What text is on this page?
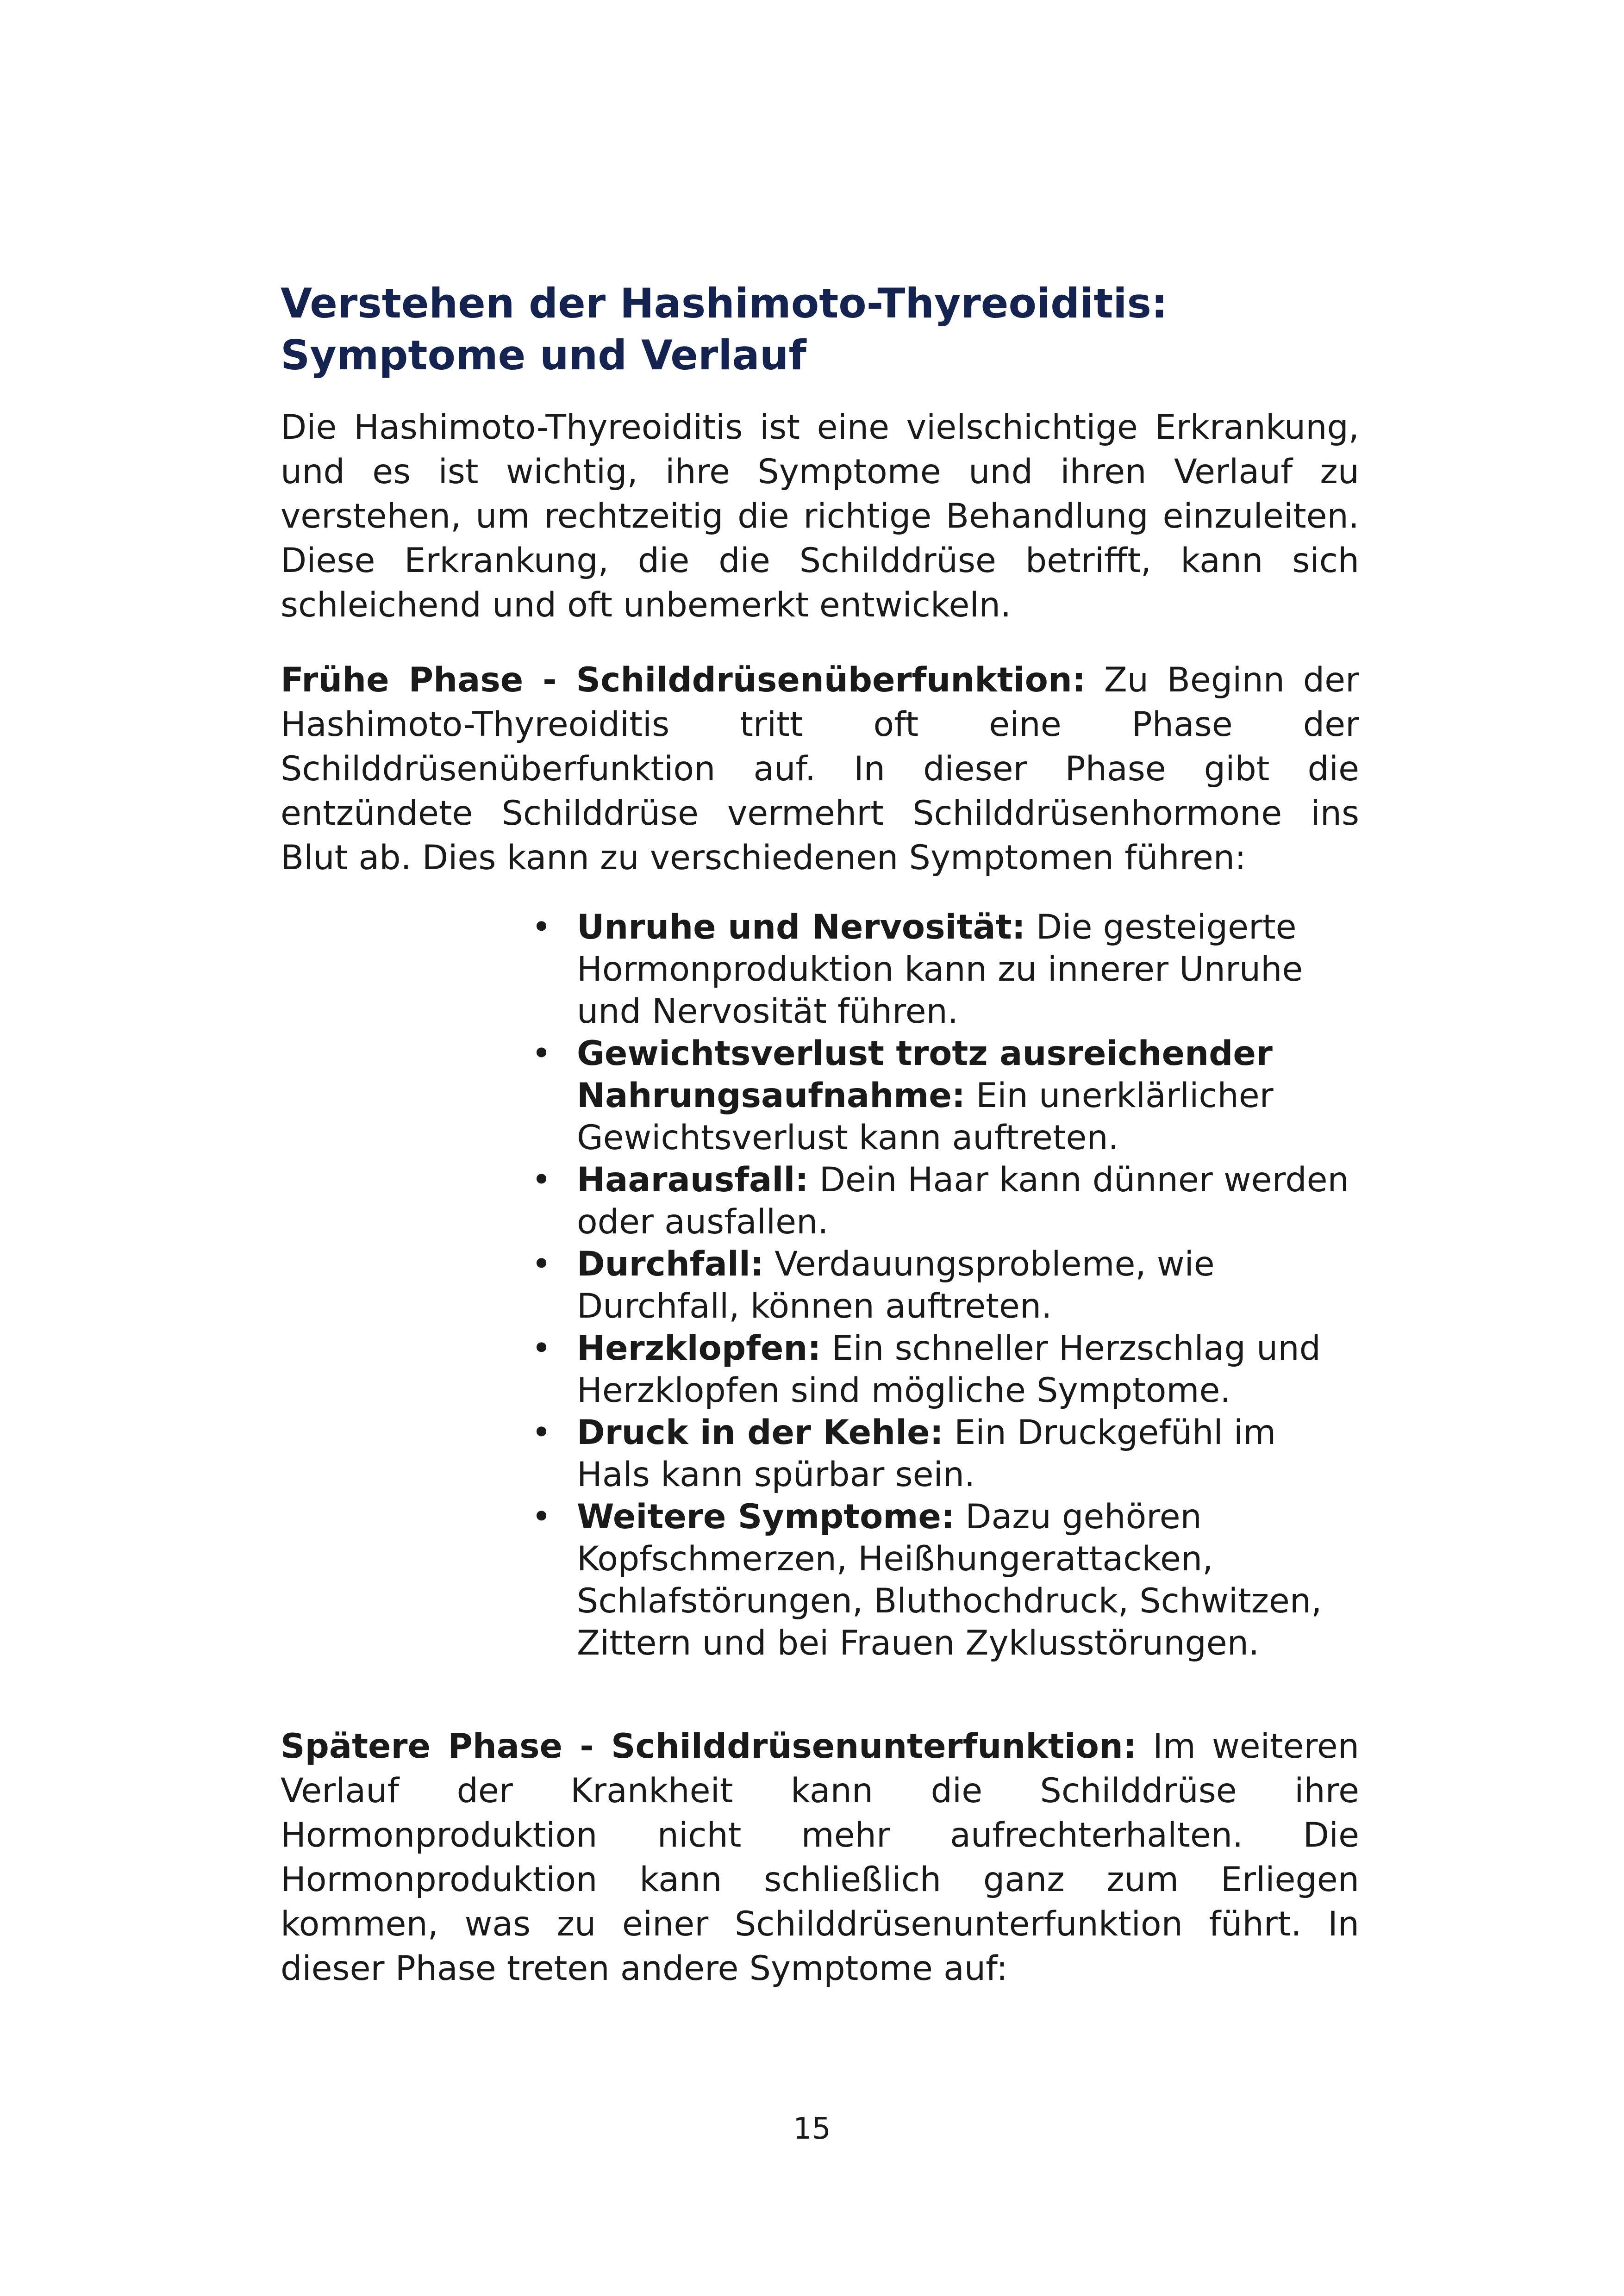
Verstehen der Hashimoto-Thyreoiditis: Symptome und Verlauf

Die Hashimoto-Thyreoiditis ist eine vielschichtige Erkrankung, und es ist wichtig, ihre Symptome und ihren Verlauf zu verstehen, um rechtzeitig die richtige Behandlung einzuleiten. Diese Erkrankung, die die Schilddrüse betrifft, kann sich schleichend und oft unbemerkt entwickeln.

Frühe Phase - Schilddrüsenüberfunktion: Zu Beginn der Hashimoto-Thyreoiditis tritt oft eine Phase der Schilddrüsenüberfunktion auf. In dieser Phase gibt die entzündete Schilddrüse vermehrt Schilddrüsenhormone ins Blut ab. Dies kann zu verschiedenen Symptomen führen:

• Unruhe und Nervosität: Die gesteigerte Hormonproduktion kann zu innerer Unruhe und Nervosität führen.
• Gewichtsverlust trotz ausreichender Nahrungsaufnahme: Ein unerklärlicher Gewichtsverlust kann auftreten.
• Haarausfall: Dein Haar kann dünner werden oder ausfallen.
• Durchfall: Verdauungsprobleme, wie Durchfall, können auftreten.
• Herzklopfen: Ein schneller Herzschlag und Herzklopfen sind mögliche Symptome.
• Druck in der Kehle: Ein Druckgefühl im Hals kann spürbar sein.
• Weitere Symptome: Dazu gehören Kopfschmerzen, Heißhungerattacken, Schlafstörungen, Bluthochdruck, Schwitzen, Zittern und bei Frauen Zyklusstörungen.

Spätere Phase - Schilddrüsenunterfunktion: Im weiteren Verlauf der Krankheit kann die Schilddrüse ihre Hormonproduktion nicht mehr aufrechterhalten. Die Hormonproduktion kann schließlich ganz zum Erliegen kommen, was zu einer Schilddrüsenunterfunktion führt. In dieser Phase treten andere Symptome auf:

15
